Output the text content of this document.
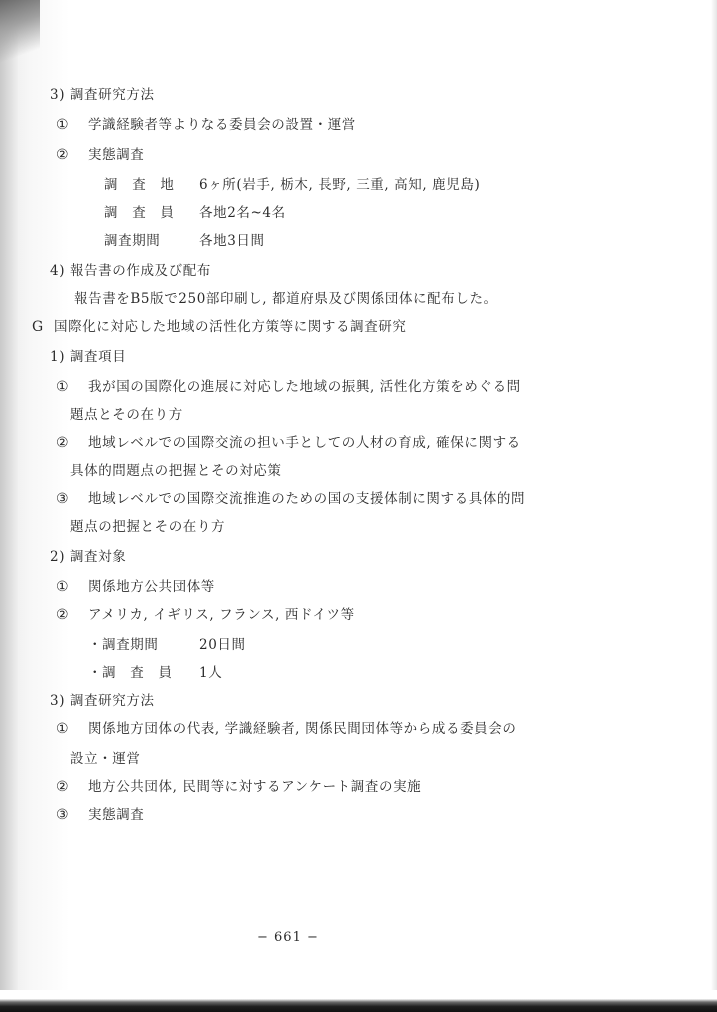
3) 調査研究方法
① 学識経験者等よりなる委員会の設置・運営
② 実態調査
調　査　地 6ヶ所(岩手, 栃木, 長野, 三重, 高知, 鹿児島)
調　査　員 各地2名~4名
調査期間	各地3日間
4) 報告書の作成及び配布
報告書をB5版で250部印刷し, 都道府県及び関係団体に配布した。
G 国際化に対応した地域の活性化方策等に関する調査研究
1) 調査項目
① 我が国の国際化の進展に対応した地域の振興, 活性化方策をめぐる問
題点とその在り方
② 地域レベルでの国際交流の担い手としての人材の育成, 確保に関する
具体的問題点の把握とその対応策
③ 地域レベルでの国際交流推進のための国の支援体制に関する具体的問
題点の把握とその在り方
2) 調査対象
① 関係地方公共団体等
② アメリカ, イギリス, フランス, 西ドイツ等
・調査期間	20日間
・調　査　員 1人
3) 調査研究方法
① 関係地方団体の代表, 学識経験者, 関係民間団体等から成る委員会の
設立・運営
② 地方公共団体, 民間等に対するアンケート調査の実施
③ 実態調査
− 661 −
